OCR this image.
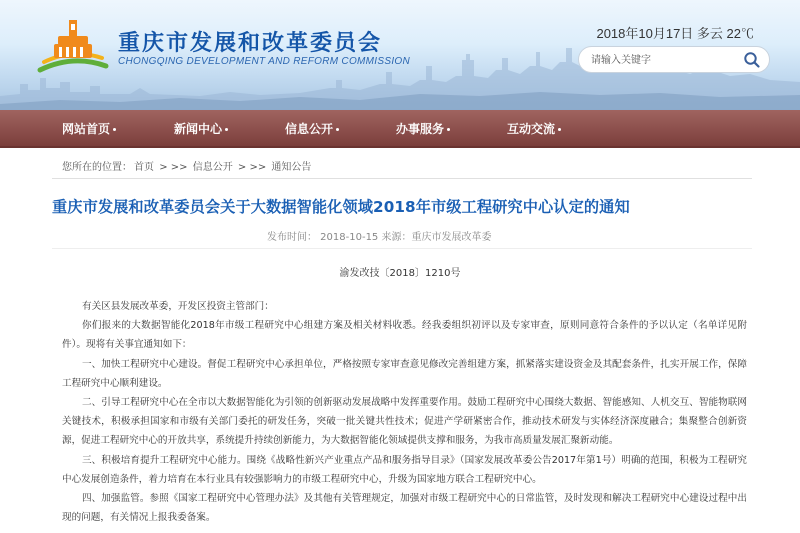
重庆市发展和改革委员会
CHONGQING DEVELOPMENT AND REFORM COMMISSION
2018年10月17日 多云 22℃
请输入关键字
网站首页	新闻中心	信息公开	办事服务	互动交流
您所在的位置： 首页 > >> 信息公开 > >> 通知公告
重庆市发展和改革委员会关于大数据智能化领域2018年市级工程研究中心认定的通知
发布时间： 2018-10-15 来源：重庆市发展改革委
渝发改技〔2018〕1210号

有关区县发展改革委，开发区投资主管部门：

你们报来的大数据智能化2018年市级工程研究中心组建方案及相关材料收悉。经我委组织初评以及专家审查，原则同意符合条件的予以认定（名单详见附件）。现将有关事宜通知如下：

一、加快工程研究中心建设。督促工程研究中心承担单位，严格按照专家审查意见修改完善组建方案，抓紧落实建设资金及其配套条件，扎实开展工作，保障工程研究中心顺利建设。

二、引导工程研究中心在全市以大数据智能化为引领的创新驱动发展战略中发挥重要作用。鼓励工程研究中心围绕大数据、智能感知、人机交互、智能物联网关键技术，积极承担国家和市级有关部门委托的研发任务，突破一批关键共性技术；促进产学研紧密合作，推动技术研发与实体经济深度融合；集聚整合创新资源，促进工程研究中心的开放共享，系统提升持续创新能力，为大数据智能化领域提供支撑和服务，为我市高质量发展汇聚新动能。

三、积极培育提升工程研究中心能力。围绕《战略性新兴产业重点产品和服务指导目录》（国家发展改革委公告2017年第1号）明确的范围，积极为工程研究中心发展创造条件，着力培育在本行业具有较强影响力的市级工程研究中心，升级为国家地方联合工程研究中心。

四、加强监管。参照《国家工程研究中心管理办法》及其他有关管理规定，加强对市级工程研究中心的日常监管，及时发现和解决工程研究中心建设过程中出现的问题，有关情况上报我委备案。
